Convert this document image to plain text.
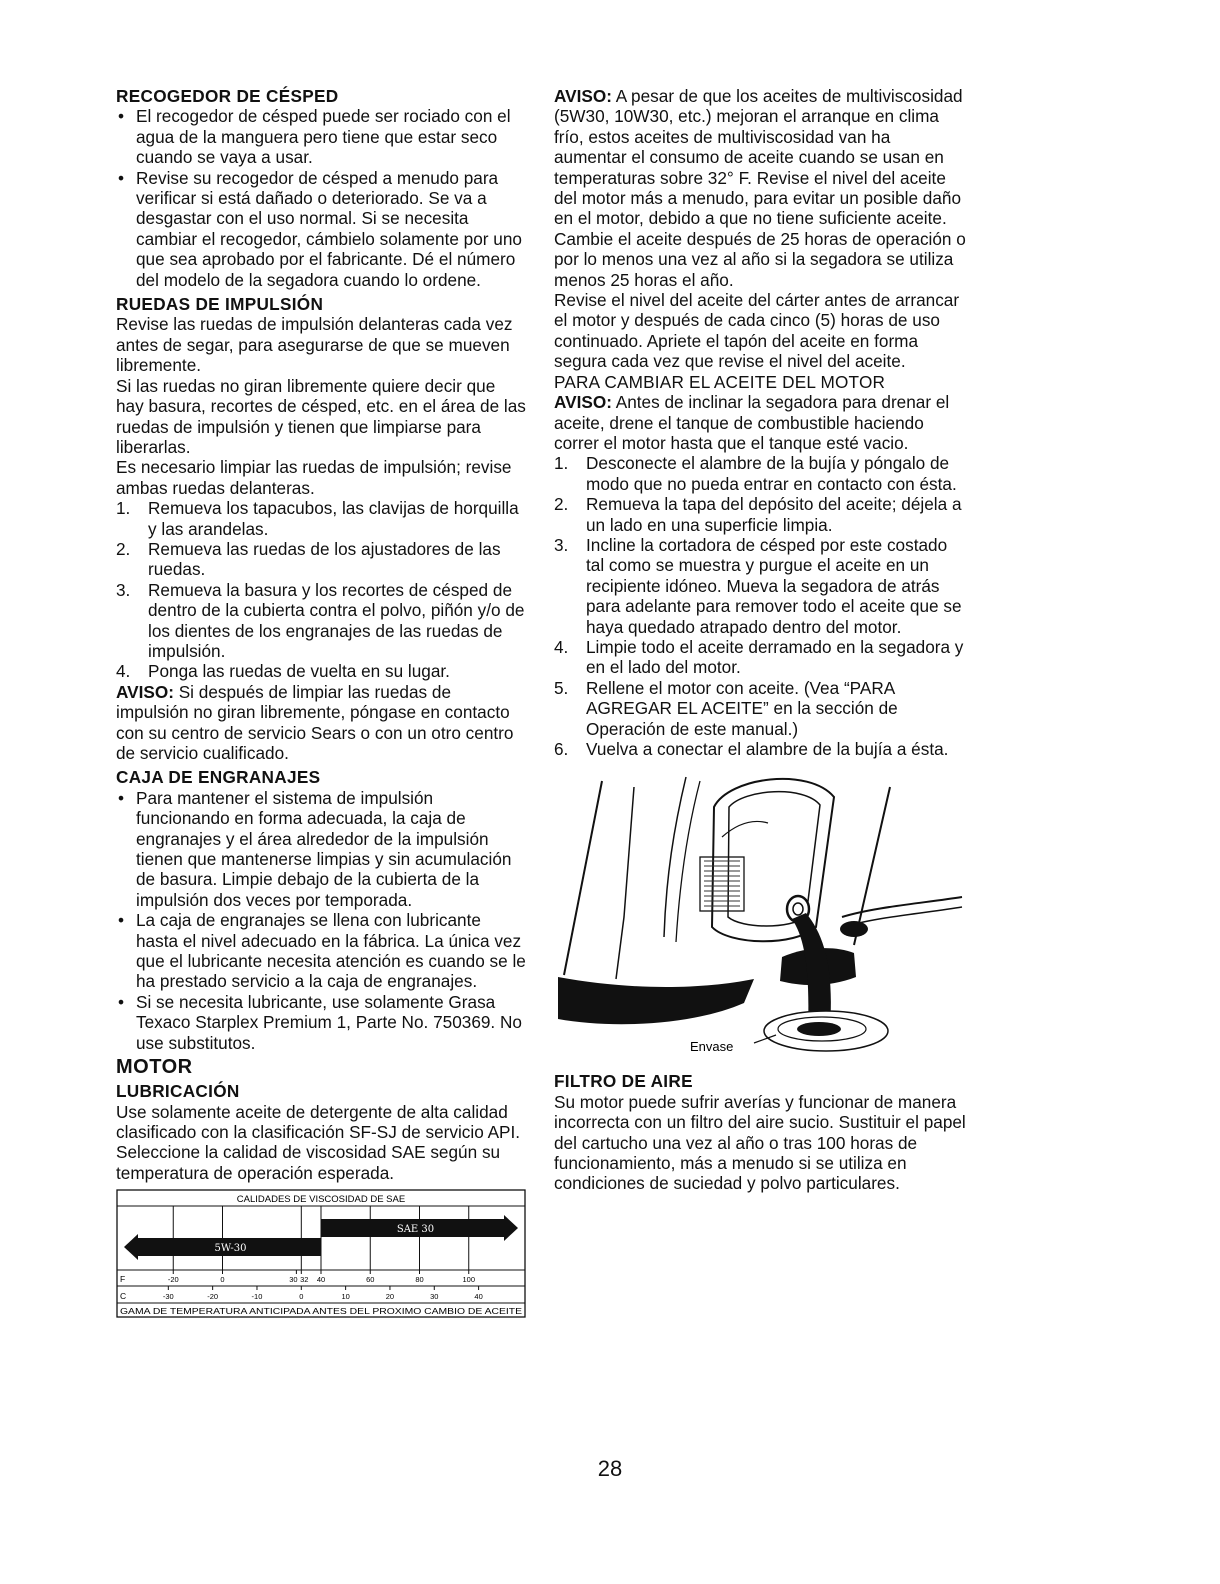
RECOGEDOR DE CÉSPED
• El recogedor de césped puede ser rociado con el agua de la manguera pero tiene que estar seco cuando se vaya a usar.
• Revise su recogedor de césped a menudo para verificar si está dañado o deteriorado. Se va a desgastar con el uso normal. Si se necesita cambiar el recogedor, cámbielo solamente por uno que sea aprobado por el fabricante. Dé el número del modelo de la segadora cuando lo ordene.
RUEDAS DE IMPULSIÓN

Revise las ruedas de impulsión delanteras cada vez antes de segar, para asegurarse de que se mueven libremente.

Si las ruedas no giran libremente quiere decir que hay basura, recortes de césped, etc. en el área de las ruedas de impulsión y tienen que limpiarse para liberarlas.

Es necesario limpiar las ruedas de impulsión; revise ambas ruedas delanteras.

1. Remueva los tapacubos, las clavijas de horquilla y las arandelas.
2. Remueva las ruedas de los ajustadores de las ruedas.
3. Remueva la basura y los recortes de césped de dentro de la cubierta contra el polvo, piñón y/o de los dientes de los engranajes de las ruedas de impulsión.
4. Ponga las ruedas de vuelta en su lugar.

AVISO: Si después de limpiar las ruedas de impulsión no giran libremente, póngase en contacto con su centro de servicio Sears o con un otro centro de servicio cualificado.

CAJA DE ENGRANAJES
• Para mantener el sistema de impulsión funcionando en forma adecuada, la caja de engranajes y el área alrededor de la impulsión tienen que mantenerse limpias y sin acumulación de basura. Limpie debajo de la cubierta de la impulsión dos veces por temporada.
• La caja de engranajes se llena con lubricante hasta el nivel adecuado en la fábrica. La única vez que el lubricante necesita atención es cuando se le ha prestado servicio a la caja de engranajes.
• Si se necesita lubricante, use solamente Grasa Texaco Starplex Premium 1, Parte No. 750369. No use substitutos.
MOTOR
LUBRICACIÓN

Use solamente aceite de detergente de alta calidad clasificado con la clasificación SF-SJ de servicio API. Seleccione la calidad de viscosidad SAE según su temperatura de operación esperada.

CALIDADES DE VISCOSIDAD DE SAE
5W-30
SAE 30
F	-20	0	30 32 40	60	80	100
C	-30	-20	-10	0	10	20	30	40
GAMA DE TEMPERATURA ANTICIPADA ANTES DEL PROXIMO CAMBIO DE ACEITE

AVISO: A pesar de que los aceites de multiviscosidad (5W30, 10W30, etc.) mejoran el arranque en clima frío, estos aceites de multiviscosidad van ha aumentar el consumo de aceite cuando se usan en temperaturas sobre 32° F. Revise el nivel del aceite del motor más a menudo, para evitar un posible daño en el motor, debido a que no tiene suficiente aceite.

Cambie el aceite después de 25 horas de operación o por lo menos una vez al año si la segadora se utiliza menos 25 horas el año.

Revise el nivel del aceite del cárter antes de arrancar el motor y después de cada cinco (5) horas de uso continuado. Apriete el tapón del aceite en forma segura cada vez que revise el nivel del aceite.

PARA CAMBIAR EL ACEITE DEL MOTOR

AVISO: Antes de inclinar la segadora para drenar el aceite, drene el tanque de combustible haciendo correr el motor hasta que el tanque esté vacio.

1. Desconecte el alambre de la bujía y póngalo de modo que no pueda entrar en contacto con ésta.
2. Remueva la tapa del depósito del aceite; déjela a un lado en una superficie limpia.
3. Incline la cortadora de césped por este costado tal como se muestra y purgue el aceite en un recipiente idóneo. Mueva la segadora de atrás para adelante para remover todo el aceite que se haya quedado atrapado dentro del motor.
4. Limpie todo el aceite derramado en la segadora y en el lado del motor.
5. Rellene el motor con aceite. (Vea “PARA AGREGAR EL ACEITE” en la sección de Operación de este manual.)
6. Vuelva a conectar el alambre de la bujía a ésta.
Envase
FILTRO DE AIRE

Su motor puede sufrir averías y funcionar de manera incorrecta con un filtro del aire sucio. Sustituir el papel del cartucho una vez al año o tras 100 horas de funcionamiento, más a menudo si se utiliza en condiciones de suciedad y polvo particulares.

28
